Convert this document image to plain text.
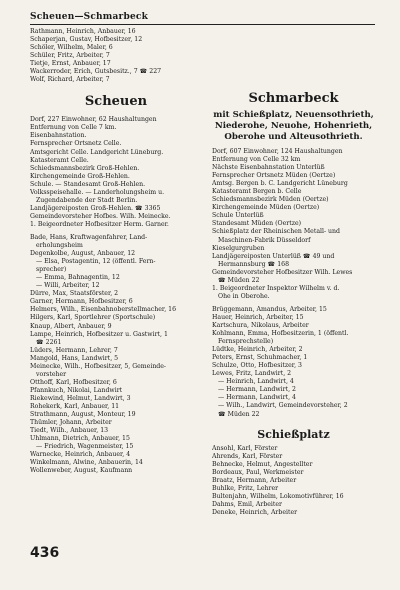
Scheuen—Schmarbeck
Rathmann, Heinrich, Anbauer, 16
Schaperjan, Gustav, Hofbesitzer, 12
Schöler, Wilhelm, Maler, 6
Schüler, Fritz, Arbeiter, 7
Tietje, Ernst, Anbauer, 17
Wackerroder, Erich, Gutsbesitz., 7 ☎ 227
Wolf, Richard, Arbeiter, 7
Scheuen
Dorf, 227 Einwohner, 62 Haushaltungen
Entfernung von Celle 7 km.
Eisenbahnstation.
Fernsprecher Ortsnetz Celle.
Amtsgericht Celle. Landgericht Lüneburg.
Katasteramt Celle.
Schiedsmannsbezirk Groß-Hehlen.
Kirchengemeinde Groß-Hehlen.
Schule. — Standesamt Groß-Hehlen.
Volksspeisehalle. — Landerholungsheim u.
Zugendabende der Stadt Berlin.
Landjägereiposten Groß-Hehlen. ☎ 3365
Gemeindevorsteher Hofbes. Wilh. Meinecke.
1. Beigeordneter Hofbesitzer Herm. Garner.
Bade, Hans, Kraftwagenfahrer, Land-
erholungsheim
Degenkolbe, August, Anbauer, 12
— Elsa, Postagentin, 12 (öffentl. Fern-
sprecher)
— Emma, Bahnagentin, 12
— Willi, Arbeiter, 12
Dürre, Max, Staatsförster, 2
Garner, Hermann, Hofbesitzer, 6
Helmers, Wilh., Eisenbahnoberstellmacher, 16
Hilgers, Karl, Sportlehrer (Sportschule)
Knaup, Albert, Anbauer, 9
Lampe, Heinrich, Hofbesitzer u. Gastwirt, 1
☎ 2261
Lüders, Hermann, Lehrer, 7
Mangold, Hans, Landwirt, 5
Meinecke, Wilh., Hofbesitzer, 5, Gemeinde-
vorsteher
Otthoff, Karl, Hofbesitzer, 6
Pfannkuch, Nikolai, Landwirt
Riekewind, Helmut, Landwirt, 3
Rohekerk, Karl, Anbauer, 11
Strathmann, August, Monteur, 19
Thümler, Johann, Arbeiter
Tiedt, Wilh., Anbauer, 13
Uhlmann, Dietrich, Anbauer, 15
— Friedrich, Wagenmeister, 15
Warnecke, Heinrich, Anbauer, 4
Winkelmann, Alwine, Anbauerin, 14
Wollenweber, August, Kaufmann
Schmarbeck
mit Schießplatz, Neuensothrieth,
Niederohe, Neuohe, Hohenrieth,
Oberohe und Alteusothrieth.
Dorf, 607 Einwohner, 124 Haushaltungen
Entfernung von Celle 32 km
Nächste Eisenbahnstation Unterlüß
Fernsprecher Ortsnetz Müden (Oertze)
Amtsg. Bergen b. C. Landgericht Lüneburg
Katasteramt Bergen b. Celle
Schiedsmannsbezirk Müden (Oertze)
Kirchengemeinde Müden (Oertze)
Schule Unterlüß
Standesamt Müden (Oertze)
Schießplatz der Rheinischen Metall- und
Maschinen-Fabrik Düsseldorf
Kieselgurgruben
Landjägereiposten Unterlüß ☎ 49 und
Hermannsburg ☎ 168
Gemeindevorsteher Hofbesitzer Wilh. Lewes
☎ Müden 22
1. Beigeordneter Inspektor Wilhelm v. d.
Ohe in Oberohe.
Brüggemann, Amandus, Arbeiter, 15
Hauer, Heinrich, Arbeiter, 15
Kartschura, Nikolaus, Arbeiter
Kohlmann, Emma, Hofbesitzerin, 1 (öffentl.
Fernsprechstelle)
Lüdtke, Heinrich, Arbeiter, 2
Peters, Ernst, Schuhmacher, 1
Schulze, Otto, Hofbesitzer, 3
Lewes, Fritz, Landwirt, 2
— Heinrich, Landwirt, 4
— Hermann, Landwirt, 2
— Hermann, Landwirt, 4
— Wilh., Landwirt, Gemeindevorsteher, 2
☎ Müden 22
Schießplatz
Ansohl, Karl, Förster
Ahrends, Karl, Förster
Behnecke, Helmut, Angestellter
Bordeaux, Paul, Werkmeister
Braatz, Hermann, Arbeiter
Buhlke, Fritz, Lehrer
Bultenjahn, Wilhelm, Lokomotivführer, 16
Dahms, Emil, Arbeiter
Deneke, Heinrich, Arbeiter
436
